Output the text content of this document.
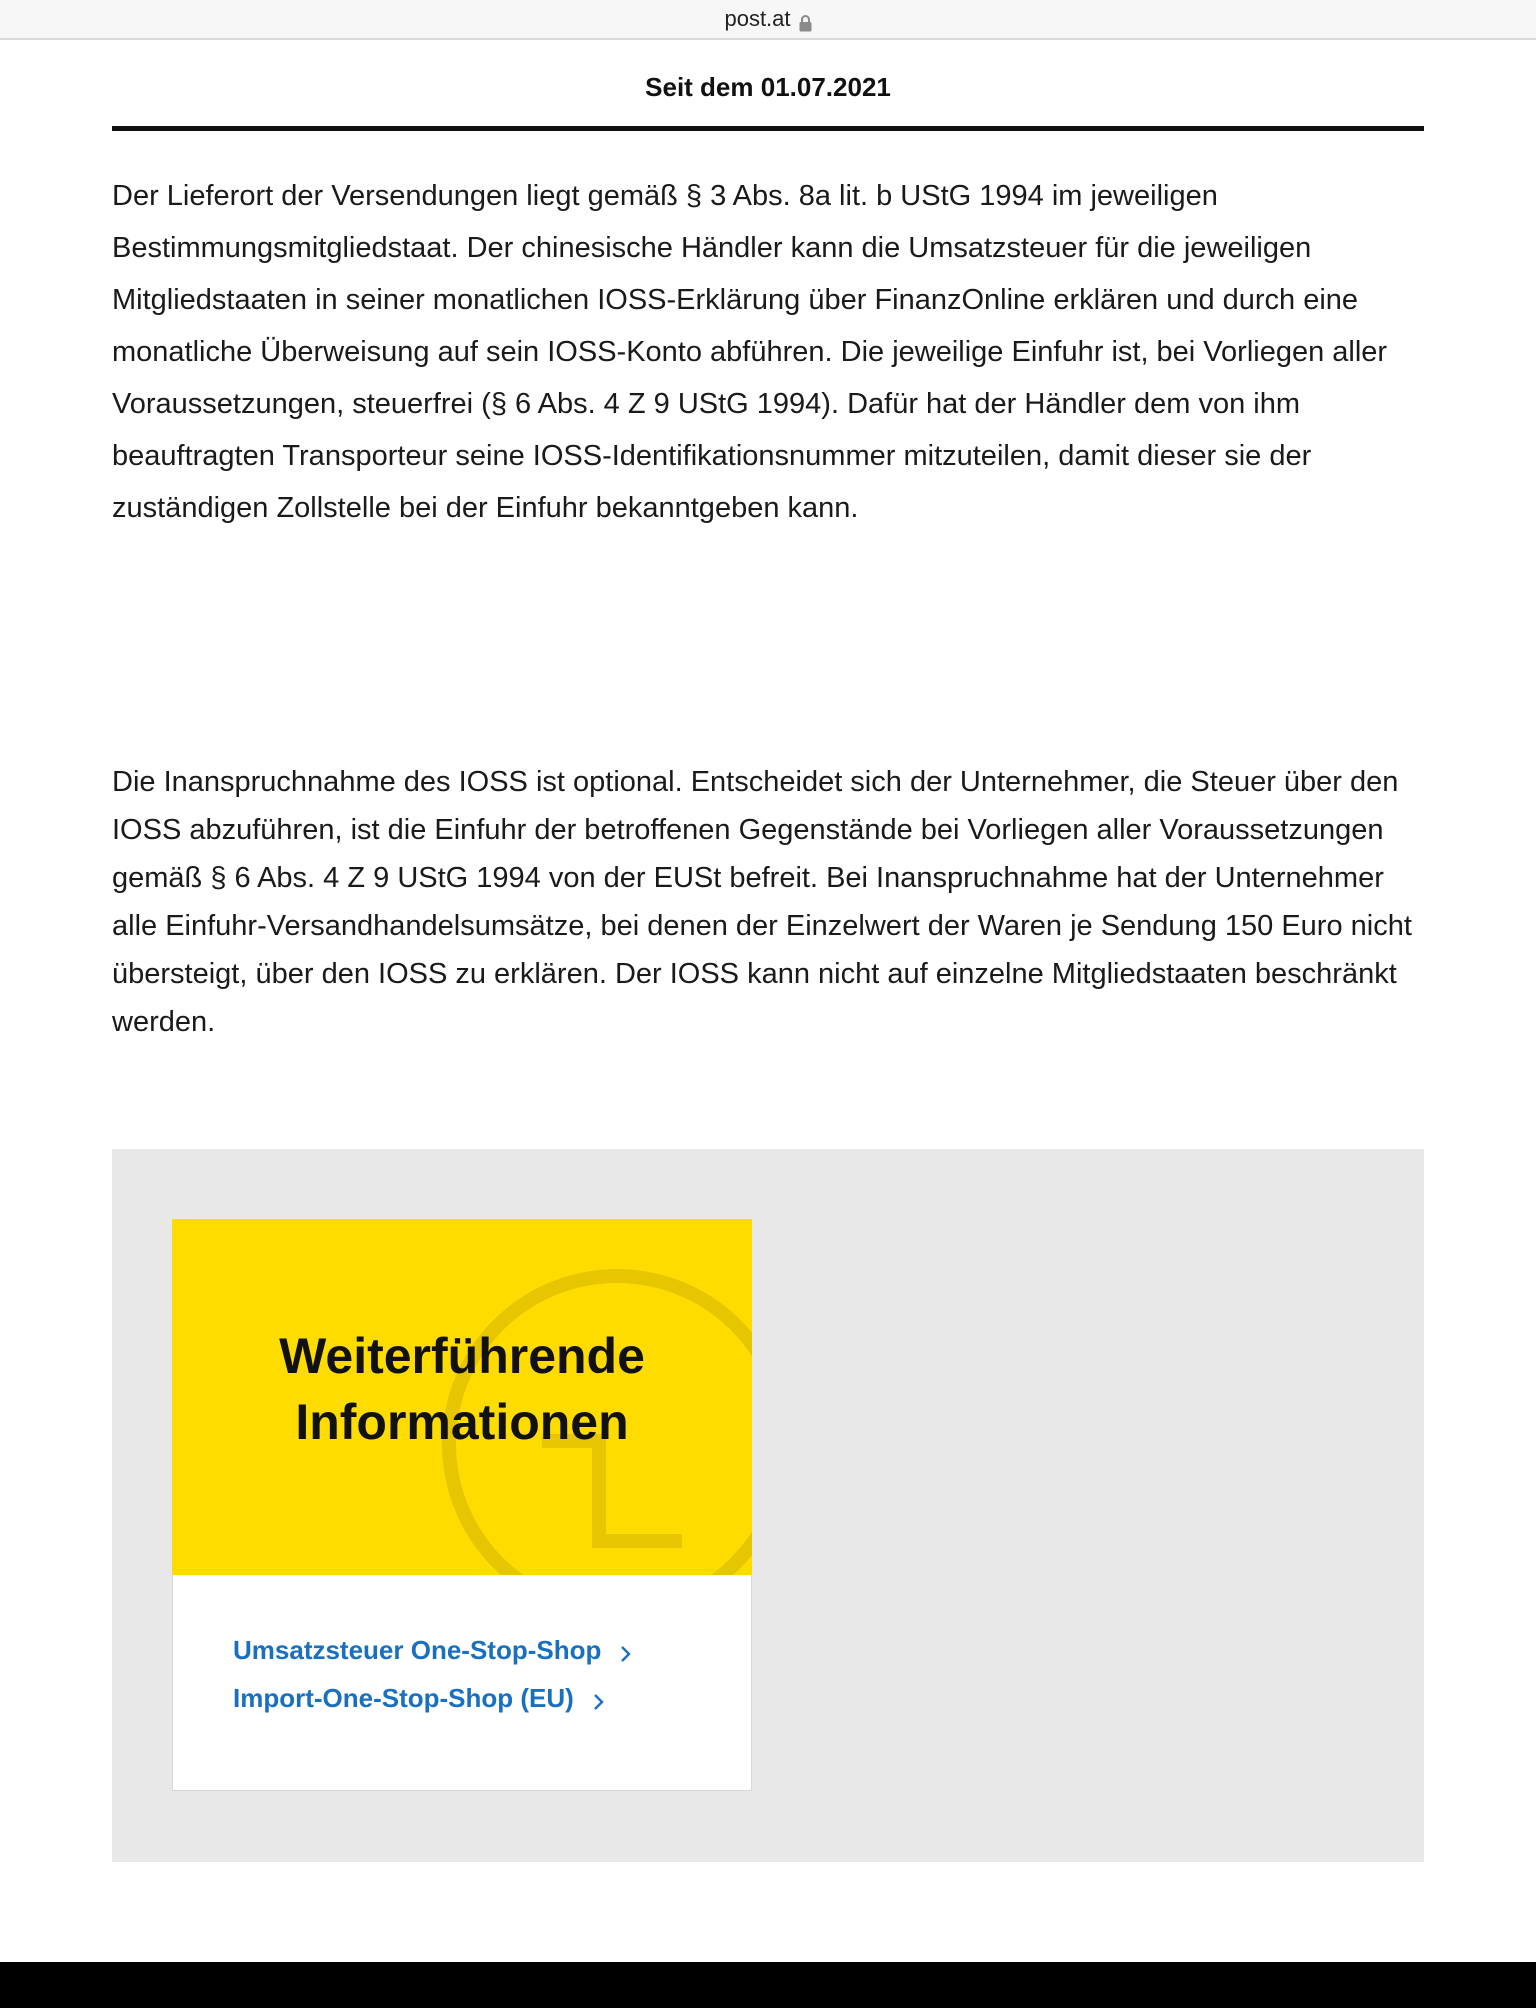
post.at
Seit dem 01.07.2021

Der Lieferort der Versendungen liegt gemäß § 3 Abs. 8a lit. b UStG 1994 im jeweiligen Bestimmungsmitgliedstaat. Der chinesische Händler kann die Umsatzsteuer für die jeweiligen Mitgliedstaaten in seiner monatlichen IOSS-Erklärung über FinanzOnline erklären und durch eine monatliche Überweisung auf sein IOSS-Konto abführen. Die jeweilige Einfuhr ist, bei Vorliegen aller Voraussetzungen, steuerfrei (§ 6 Abs. 4 Z 9 UStG 1994). Dafür hat der Händler dem von ihm beauftragten Transporteur seine IOSS-Identifikationsnummer mitzuteilen, damit dieser sie der zuständigen Zollstelle bei der Einfuhr bekanntgeben kann.

Die Inanspruchnahme des IOSS ist optional. Entscheidet sich der Unternehmer, die Steuer über den IOSS abzuführen, ist die Einfuhr der betroffenen Gegenstände bei Vorliegen aller Voraussetzungen gemäß § 6 Abs. 4 Z 9 UStG 1994 von der EUSt befreit. Bei Inanspruchnahme hat der Unternehmer alle Einfuhr-Versandhandelsumsätze, bei denen der Einzelwert der Waren je Sendung 150 Euro nicht übersteigt, über den IOSS zu erklären. Der IOSS kann nicht auf einzelne Mitgliedstaaten beschränkt werden.

Weiterführende
Informationen
Umsatzsteuer One-Stop-Shop
Import-One-Stop-Shop (EU)
